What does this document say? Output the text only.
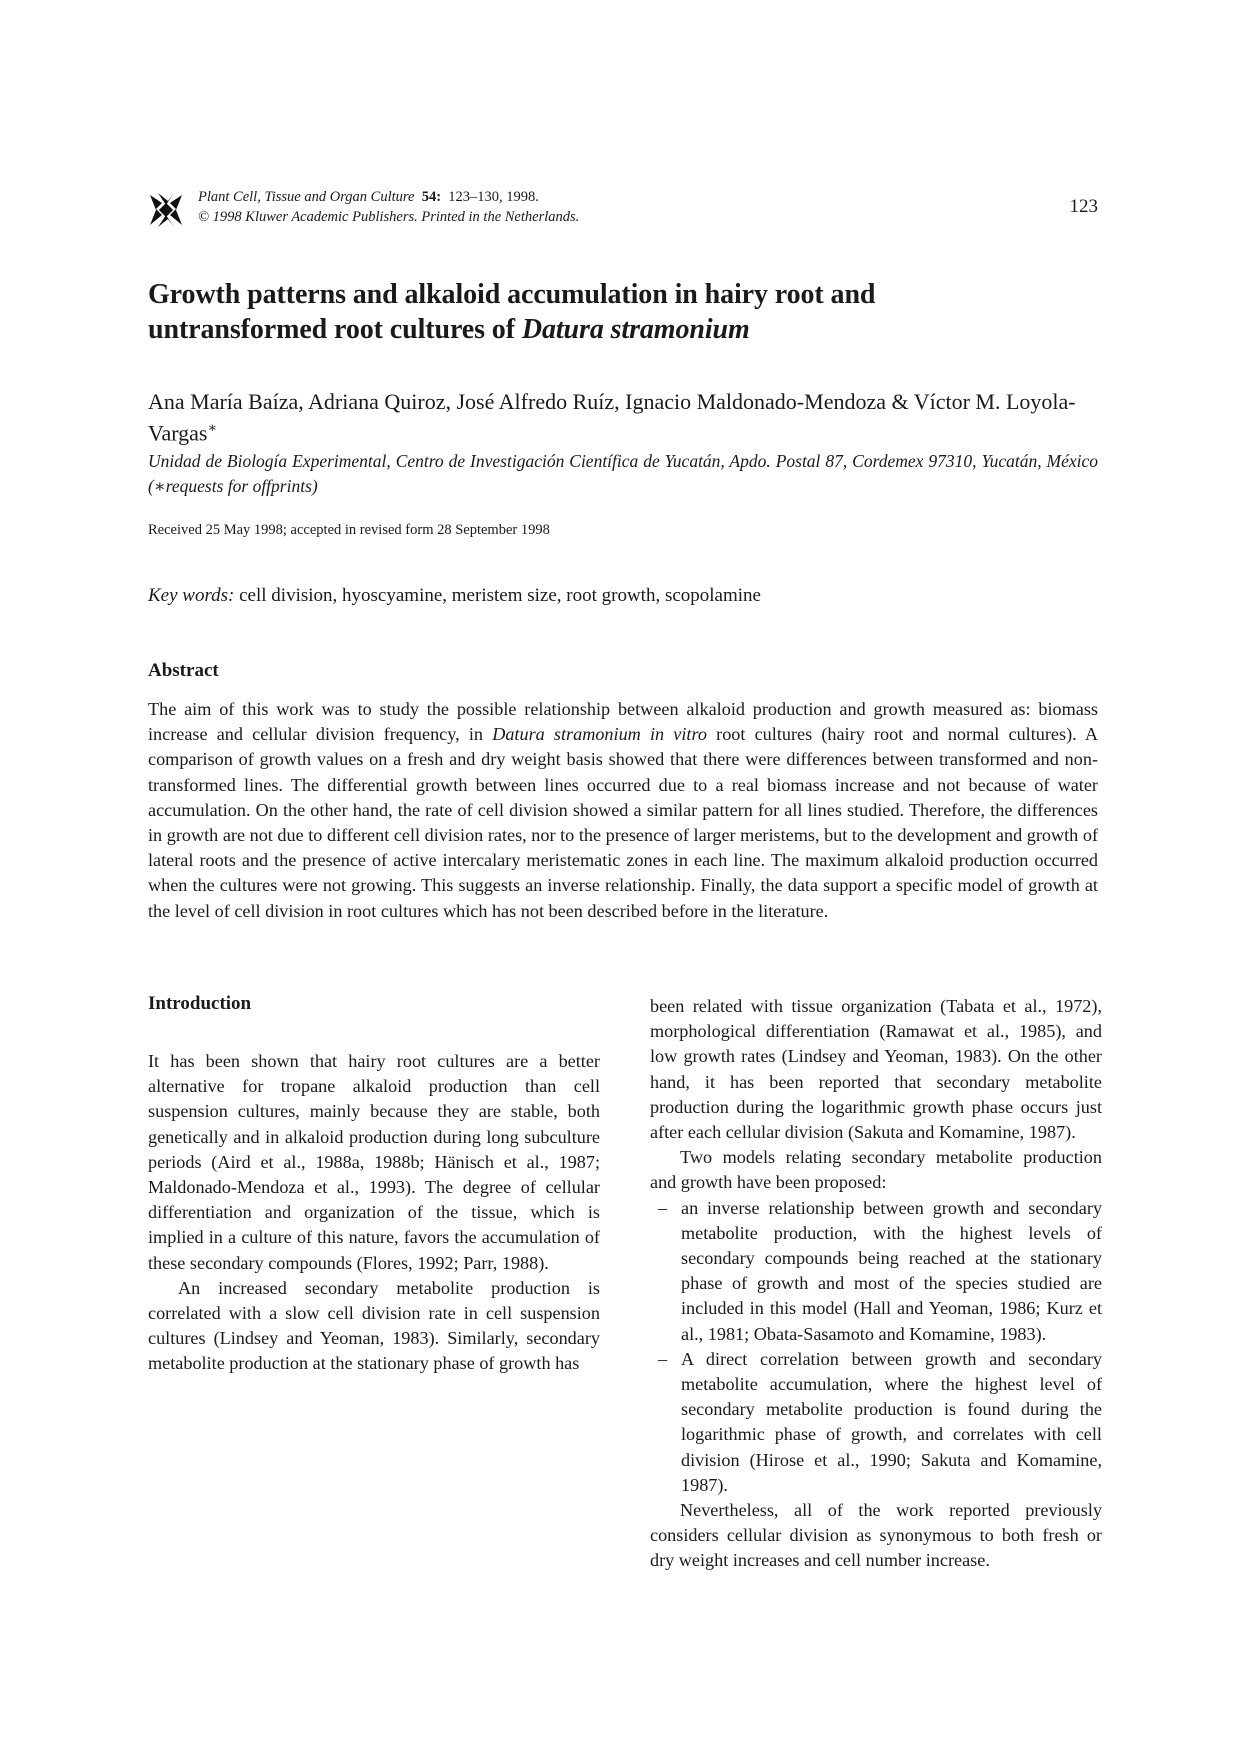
Plant Cell, Tissue and Organ Culture 54: 123–130, 1998.
© 1998 Kluwer Academic Publishers. Printed in the Netherlands.	123
Growth patterns and alkaloid accumulation in hairy root and
untransformed root cultures of Datura stramonium
Ana María Baíza, Adriana Quiroz, José Alfredo Ruíz, Ignacio Maldonado-Mendoza & Víctor M. Loyola-Vargas∗
Unidad de Biología Experimental, Centro de Investigación Científica de Yucatán, Apdo. Postal 87, Cordemex 97310, Yucatán, México (∗requests for offprints)
Received 25 May 1998; accepted in revised form 28 September 1998
Key words: cell division, hyoscyamine, meristem size, root growth, scopolamine
Abstract
The aim of this work was to study the possible relationship between alkaloid production and growth measured as: biomass increase and cellular division frequency, in Datura stramonium in vitro root cultures (hairy root and normal cultures). A comparison of growth values on a fresh and dry weight basis showed that there were differences between transformed and non-transformed lines. The differential growth between lines occurred due to a real biomass increase and not because of water accumulation. On the other hand, the rate of cell division showed a similar pattern for all lines studied. Therefore, the differences in growth are not due to different cell division rates, nor to the presence of larger meristems, but to the development and growth of lateral roots and the presence of active intercalary meristematic zones in each line. The maximum alkaloid production occurred when the cultures were not growing. This suggests an inverse relationship. Finally, the data support a specific model of growth at the level of cell division in root cultures which has not been described before in the literature.
Introduction

It has been shown that hairy root cultures are a better alternative for tropane alkaloid production than cell suspension cultures, mainly because they are stable, both genetically and in alkaloid production during long subculture periods (Aird et al., 1988a, 1988b; Hänisch et al., 1987; Maldonado-Mendoza et al., 1993). The degree of cellular differentiation and organization of the tissue, which is implied in a culture of this nature, favors the accumulation of these secondary compounds (Flores, 1992; Parr, 1988).

An increased secondary metabolite production is correlated with a slow cell division rate in cell suspension cultures (Lindsey and Yeoman, 1983). Similarly, secondary metabolite production at the stationary phase of growth has

been related with tissue organization (Tabata et al., 1972), morphological differentiation (Ramawat et al., 1985), and low growth rates (Lindsey and Yeoman, 1983). On the other hand, it has been reported that secondary metabolite production during the logarithmic growth phase occurs just after each cellular division (Sakuta and Komamine, 1987).

Two models relating secondary metabolite production and growth have been proposed:

– an inverse relationship between growth and secondary metabolite production, with the highest levels of secondary compounds being reached at the stationary phase of growth and most of the species studied are included in this model (Hall and Yeoman, 1986; Kurz et al., 1981; Obata-Sasamoto and Komamine, 1983).
– A direct correlation between growth and secondary metabolite accumulation, where the highest level of secondary metabolite production is found during the logarithmic phase of growth, and correlates with cell division (Hirose et al., 1990; Sakuta and Komamine, 1987).

Nevertheless, all of the work reported previously considers cellular division as synonymous to both fresh or dry weight increases and cell number increase.
